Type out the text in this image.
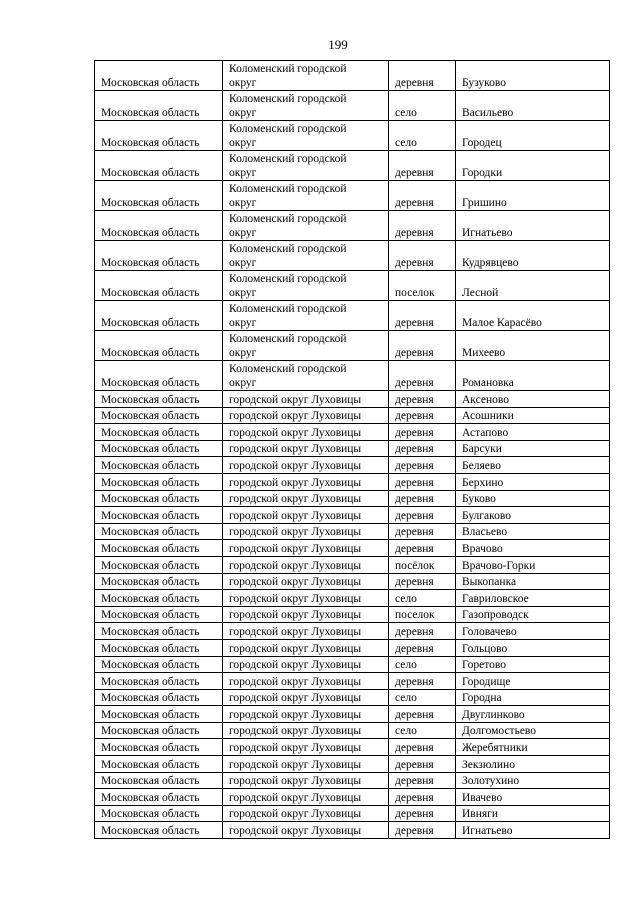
199
Московская область	Коломенский городской округ	деревня	Бузуково
Московская область	Коломенский городской округ	село	Васильево
Московская область	Коломенский городской округ	село	Городец
Московская область	Коломенский городской округ	деревня	Городки
Московская область	Коломенский городской округ	деревня	Гришино
Московская область	Коломенский городской округ	деревня	Игнатьево
Московская область	Коломенский городской округ	деревня	Кудрявцево
Московская область	Коломенский городской округ	поселок	Лесной
Московская область	Коломенский городской округ	деревня	Малое Карасёво
Московская область	Коломенский городской округ	деревня	Михеево
Московская область	Коломенский городской округ	деревня	Романовка
Московская область	городской округ Луховицы	деревня	Аксеново
Московская область	городской округ Луховицы	деревня	Асошники
Московская область	городской округ Луховицы	деревня	Астапово
Московская область	городской округ Луховицы	деревня	Барсуки
Московская область	городской округ Луховицы	деревня	Беляево
Московская область	городской округ Луховицы	деревня	Берхино
Московская область	городской округ Луховицы	деревня	Буково
Московская область	городской округ Луховицы	деревня	Булгаково
Московская область	городской округ Луховицы	деревня	Власьево
Московская область	городской округ Луховицы	деревня	Врачово
Московская область	городской округ Луховицы	посёлок	Врачово-Горки
Московская область	городской округ Луховицы	деревня	Выкопанка
Московская область	городской округ Луховицы	село	Гавриловское
Московская область	городской округ Луховицы	поселок	Газопроводск
Московская область	городской округ Луховицы	деревня	Головачево
Московская область	городской округ Луховицы	деревня	Гольцово
Московская область	городской округ Луховицы	село	Горетово
Московская область	городской округ Луховицы	деревня	Городище
Московская область	городской округ Луховицы	село	Городна
Московская область	городской округ Луховицы	деревня	Двуглинково
Московская область	городской округ Луховицы	село	Долгомостьево
Московская область	городской округ Луховицы	деревня	Жеребятники
Московская область	городской округ Луховицы	деревня	Зекзюлино
Московская область	городской округ Луховицы	деревня	Золотухино
Московская область	городской округ Луховицы	деревня	Ивачево
Московская область	городской округ Луховицы	деревня	Ивняги
Московская область	городской округ Луховицы	деревня	Игнатьево
